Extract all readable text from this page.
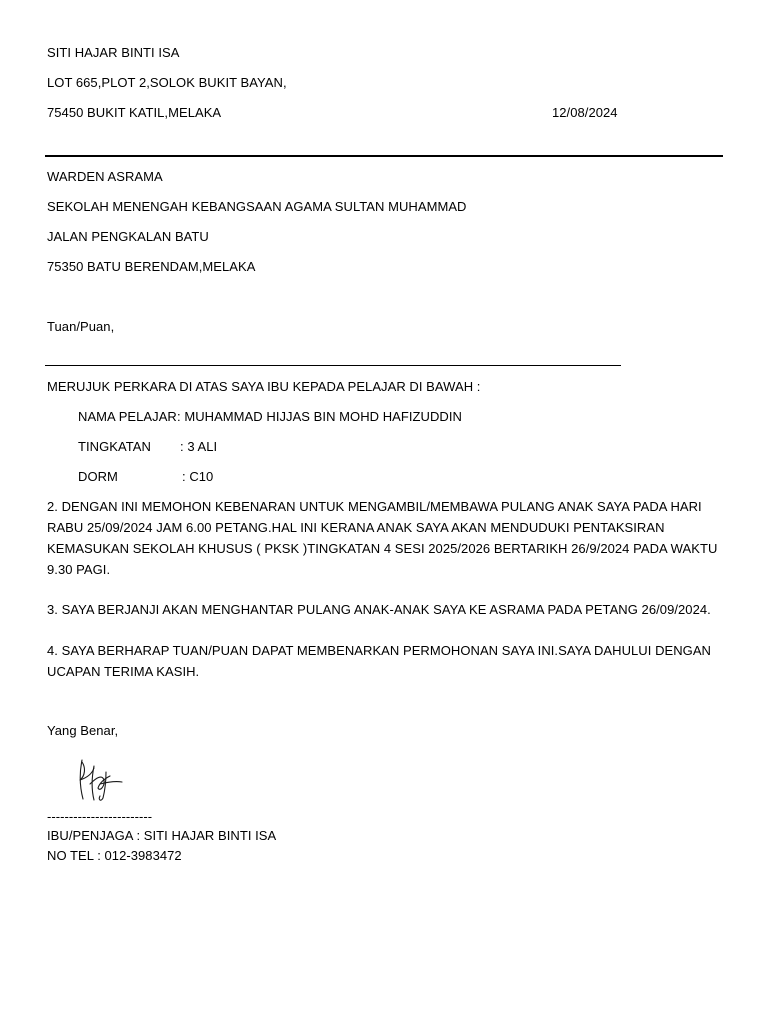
SITI HAJAR BINTI ISA
LOT 665,PLOT 2,SOLOK BUKIT BAYAN,
75450 BUKIT KATIL,MELAKA	12/08/2024
WARDEN ASRAMA
SEKOLAH MENENGAH KEBANGSAAN AGAMA SULTAN MUHAMMAD
JALAN PENGKALAN BATU
75350 BATU BERENDAM,MELAKA
Tuan/Puan,
MERUJUK PERKARA DI ATAS SAYA IBU KEPADA PELAJAR DI BAWAH :
NAMA PELAJAR : MUHAMMAD HIJJAS BIN MOHD HAFIZUDDIN
TINGKATAN : 3 ALI
DORM	: C10
2. DENGAN INI MEMOHON KEBENARAN UNTUK MENGAMBIL/MEMBAWA PULANG ANAK SAYA PADA HARI
RABU 25/09/2024 JAM 6.00 PETANG.HAL INI KERANA ANAK SAYA AKAN MENDUDUKI PENTAKSIRAN
KEMASUKAN SEKOLAH KHUSUS ( PKSK )TINGKATAN 4 SESI 2025/2026 BERTARIKH 26/9/2024 PADA WAKTU
9.30 PAGI.
3. SAYA BERJANJI AKAN MENGHANTAR PULANG ANAK-ANAK SAYA KE ASRAMA PADA PETANG 26/09/2024.
4. SAYA BERHARAP TUAN/PUAN DAPAT MEMBENARKAN PERMOHONAN SAYA INI.SAYA DAHULUI DENGAN
UCAPAN TERIMA KASIH.
Yang Benar,
------------------------
IBU/PENJAGA : SITI HAJAR BINTI ISA
NO TEL : 012-3983472
